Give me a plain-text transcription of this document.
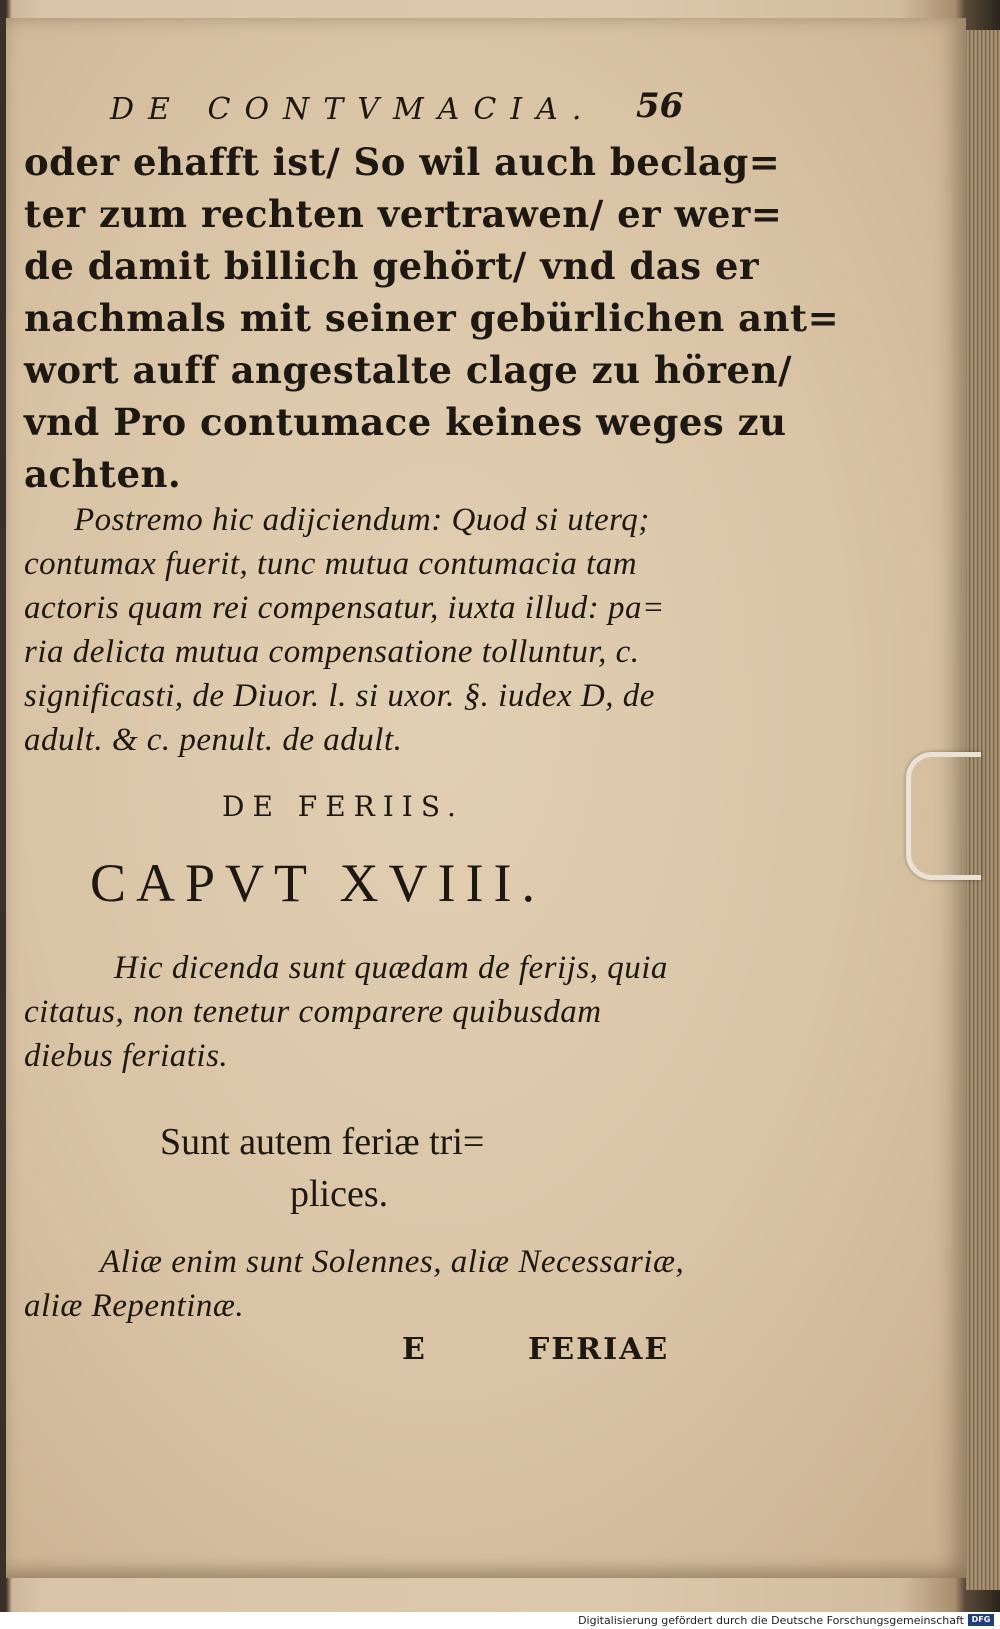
DE CONTVMACIA. 56
oder ehafft ist/ So wil auch beclag=
ter zum rechten vertrawen/ er wer=
de damit billich gehört/ vnd das er
nachmals mit seiner gebürlichen ant=
wort auff angestalte clage zu hören/
vnd Pro contumace keines weges zu
achten.
Postremo hic adijciendum: Quod si uterq;
contumax fuerit, tunc mutua contumacia tam
actoris quam rei compensatur, iuxta illud: pa=
ria delicta mutua compensatione tolluntur, c.
significasti, de Diuor. l. si uxor. §. iudex D, de
adult. & c. penult. de adult.
DE FERIIS.
CAPVT XVIII.
Hic dicenda sunt quædam de ferijs, quia
citatus, non tenetur comparere quibusdam
diebus feriatis.
Sunt autem feriæ tri=
plices.
Aliæ enim sunt Solennes, aliæ Necessariæ,
aliæ Repentinæ.
E	FERIAE
Digitalisierung gefördert durch die Deutsche Forschungsgemeinschaft DFG
